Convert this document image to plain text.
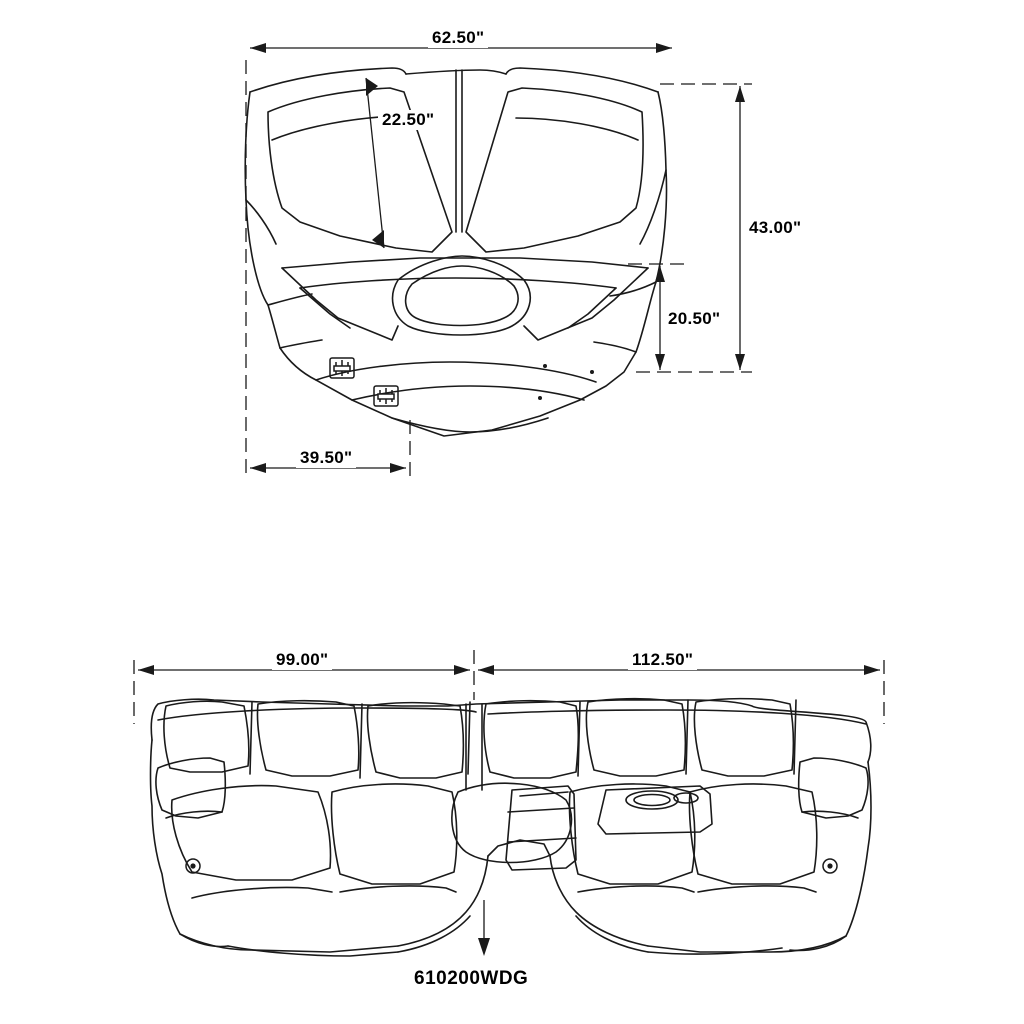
62.50"
22.50"
43.00"
20.50"
39.50"
99.00"	112.50"
610200WDG
